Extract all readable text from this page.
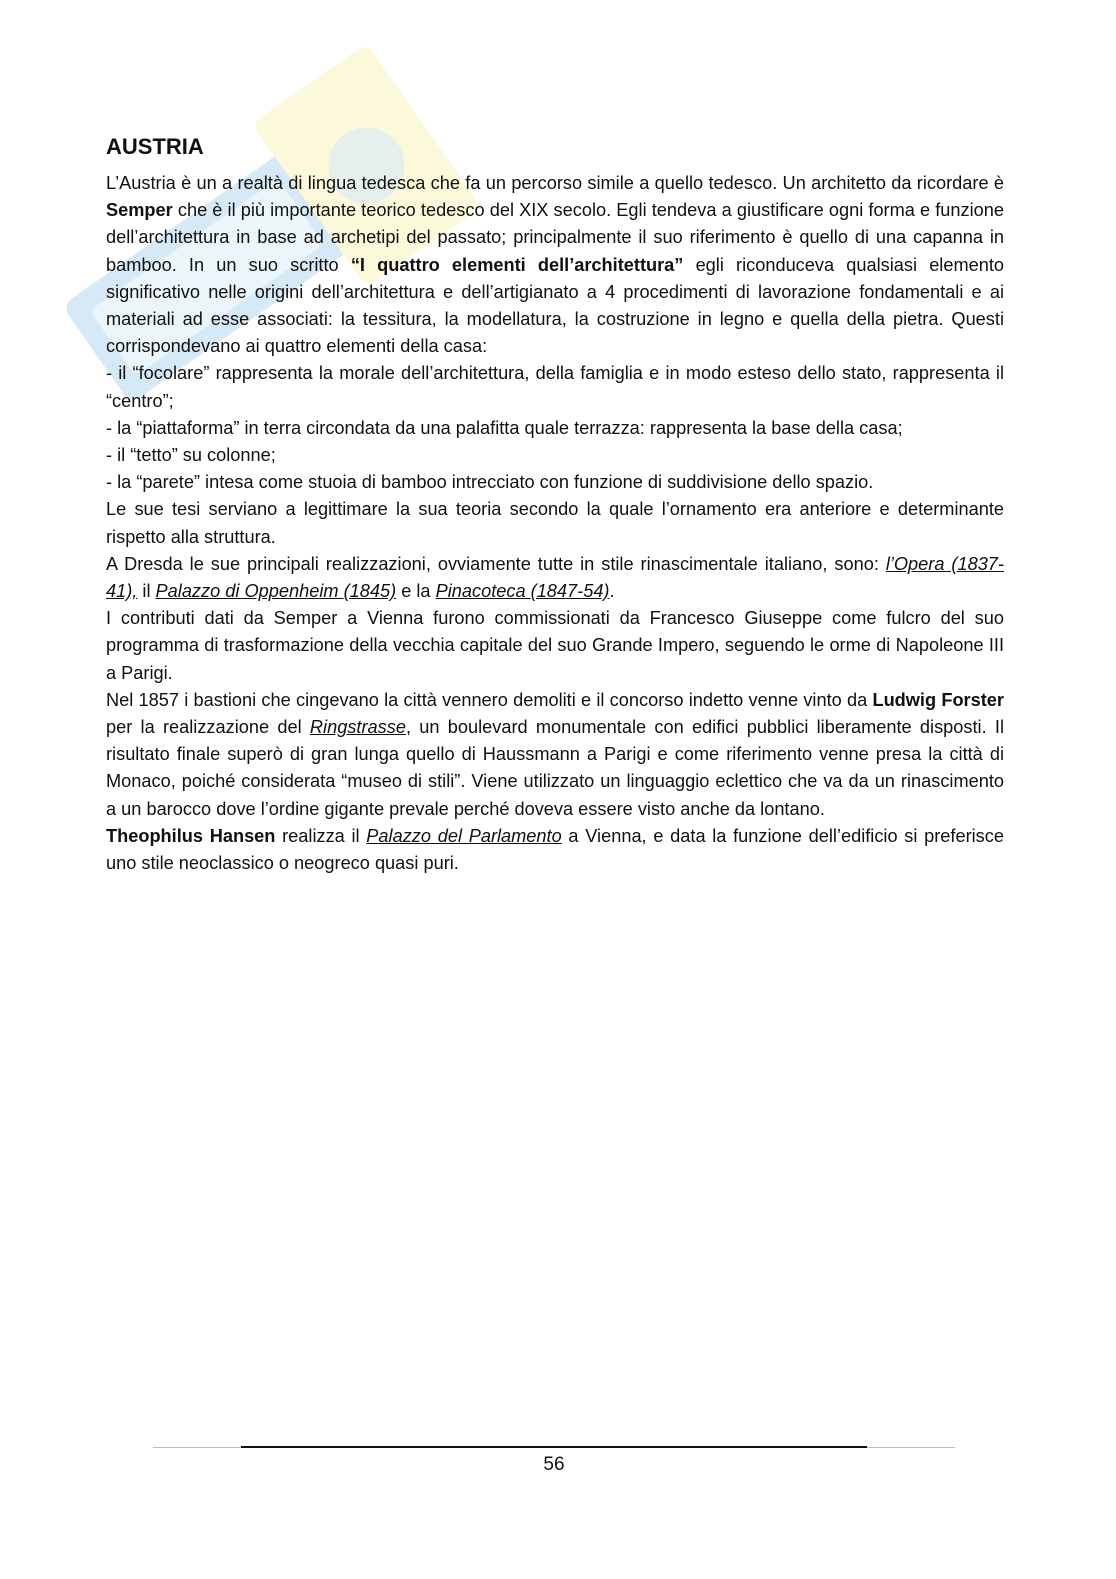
AUSTRIA

L’Austria è un a realtà di lingua tedesca che fa un percorso simile a quello tedesco. Un architetto da ricordare è Semper che è il più importante teorico tedesco del XIX secolo. Egli tendeva a giustificare ogni forma e funzione dell’architettura in base ad archetipi del passato; principalmente il suo riferimento è quello di una capanna in bamboo. In un suo scritto “I quattro elementi dell’architettura” egli riconduceva qualsiasi elemento significativo nelle origini dell’architettura e dell’artigianato a 4 procedimenti di lavorazione fondamentali e ai materiali ad esse associati: la tessitura, la modellatura, la costruzione in legno e quella della pietra. Questi corrispondevano ai quattro elementi della casa:

- il “focolare” rappresenta la morale dell’architettura, della famiglia e in modo esteso dello stato, rappresenta il “centro”;

- la “piattaforma” in terra circondata da una palafitta quale terrazza: rappresenta la base della casa;

- il “tetto” su colonne;

- la “parete” intesa come stuoia di bamboo intrecciato con funzione di suddivisione dello spazio.

Le sue tesi serviano a legittimare la sua teoria secondo la quale l’ornamento era anteriore e determinante rispetto alla struttura.

A Dresda le sue principali realizzazioni, ovviamente tutte in stile rinascimentale italiano, sono: l’Opera (1837-41), il Palazzo di Oppenheim (1845) e la Pinacoteca (1847-54).

I contributi dati da Semper a Vienna furono commissionati da Francesco Giuseppe come fulcro del suo programma di trasformazione della vecchia capitale del suo Grande Impero, seguendo le orme di Napoleone III a Parigi.

Nel 1857 i bastioni che cingevano la città vennero demoliti e il concorso indetto venne vinto da Ludwig Forster per la realizzazione del Ringstrasse, un boulevard monumentale con edifici pubblici liberamente disposti. Il risultato finale superò di gran lunga quello di Haussmann a Parigi e come riferimento venne presa la città di Monaco, poiché considerata “museo di stili”. Viene utilizzato un linguaggio eclettico che va da un rinascimento a un barocco dove l’ordine gigante prevale perché doveva essere visto anche da lontano.

Theophilus Hansen realizza il Palazzo del Parlamento a Vienna, e data la funzione dell’edificio si preferisce uno stile neoclassico o neogreco quasi puri.

56
